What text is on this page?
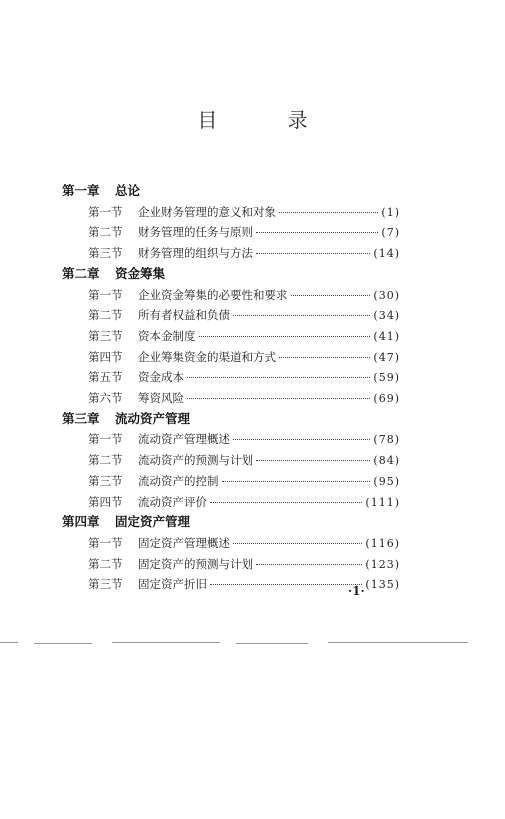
目 录
第一章 总论
第一节	企业财务管理的意义和对象	(1)
第二节	财务管理的任务与原则	(7)
第三节	财务管理的组织与方法	(14)
第二章 资金筹集
第一节	企业资金筹集的必要性和要求	(30)
第二节	所有者权益和负债	(34)
第三节	资本金制度	(41)
第四节	企业筹集资金的渠道和方式	(47)
第五节	资金成本	(59)
第六节	筹资风险	(69)
第三章 流动资产管理
第一节	流动资产管理概述	(78)
第二节	流动资产的预测与计划	(84)
第三节	流动资产的控制	(95)
第四节	流动资产评价	(111)
第四章 固定资产管理
第一节	固定资产管理概述	(116)
第二节	固定资产的预测与计划	(123)
第三节	固定资产折旧	(135)
·1·
